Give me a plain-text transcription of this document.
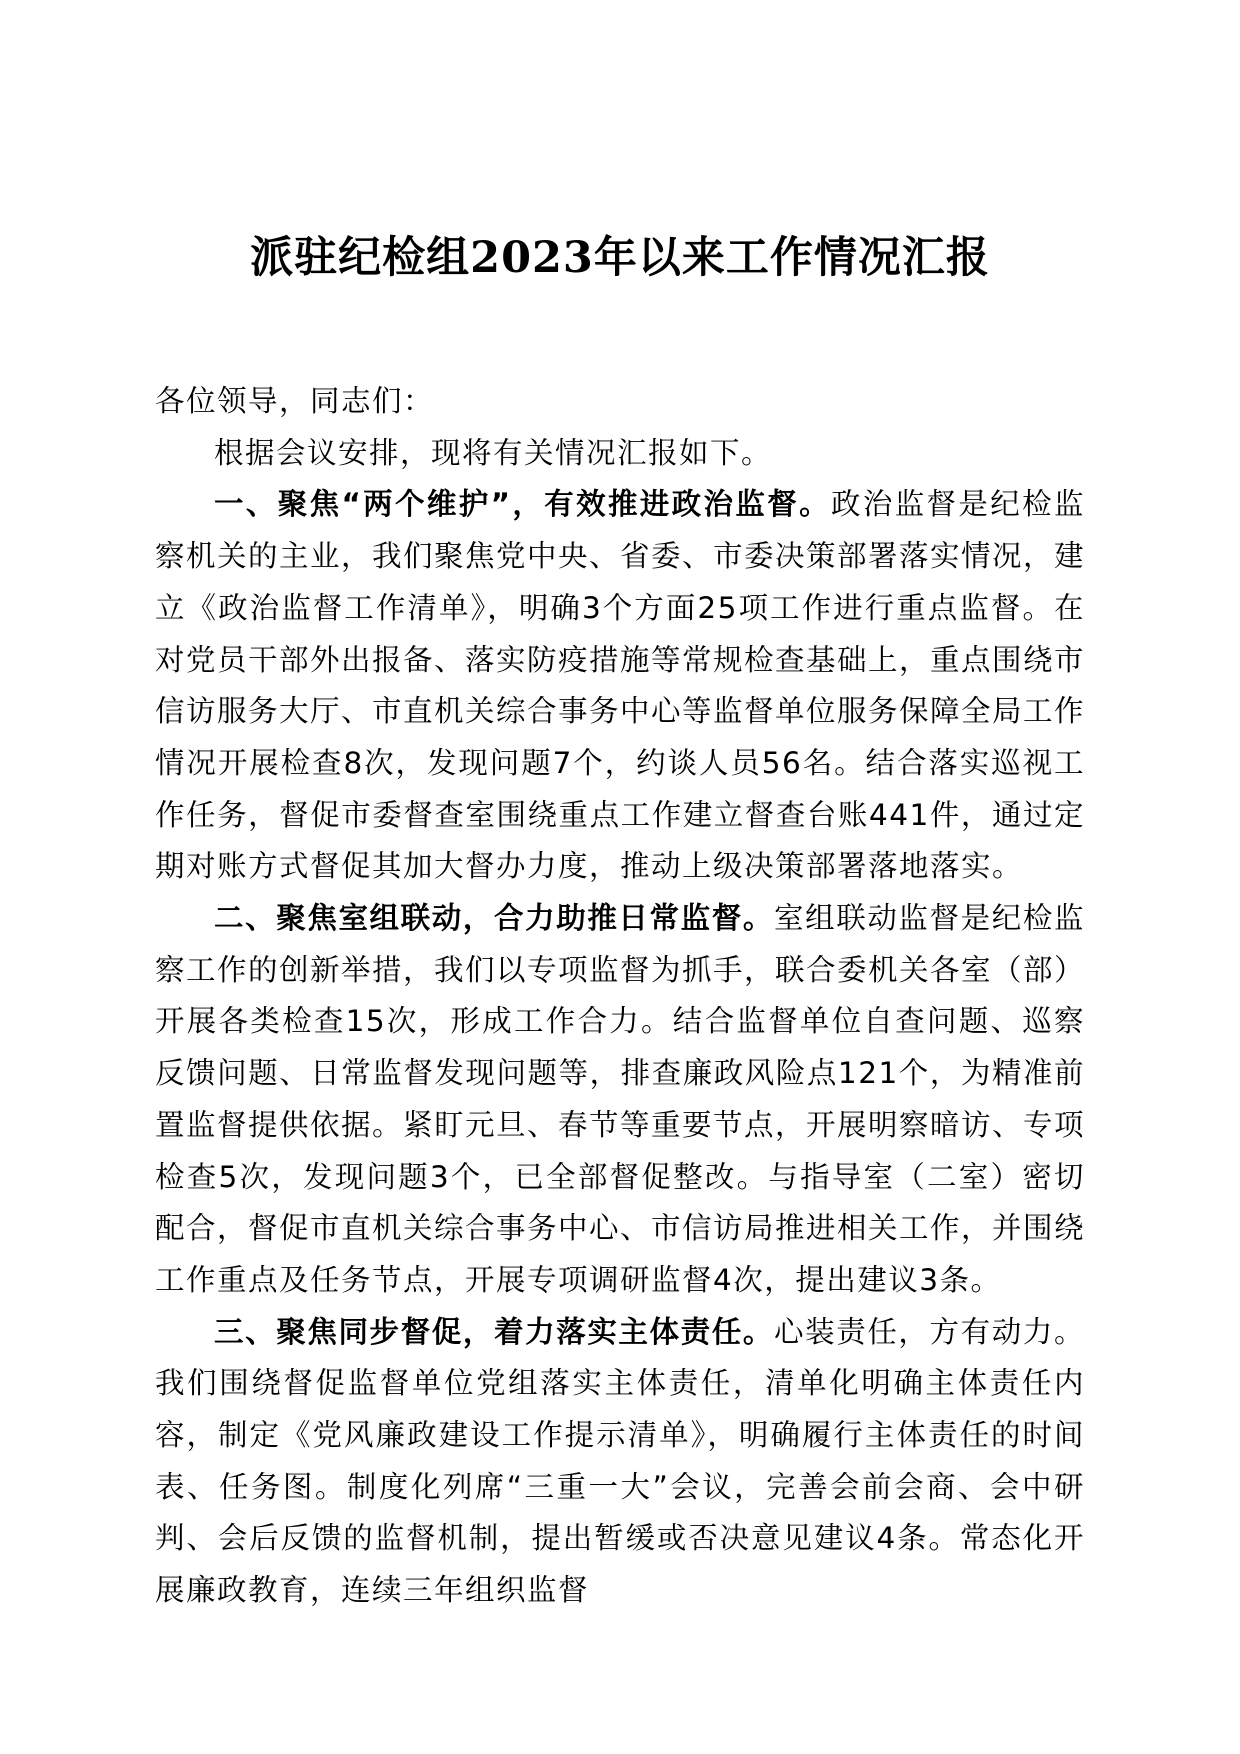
派驻纪检组2023年以来工作情况汇报

各位领导，同志们：

根据会议安排，现将有关情况汇报如下。

一、聚焦“两个维护”，有效推进政治监督。政治监督是纪检监察机关的主业，我们聚焦党中央、省委、市委决策部署落实情况，建立《政治监督工作清单》，明确3个方面25项工作进行重点监督。在对党员干部外出报备、落实防疫措施等常规检查基础上，重点围绕市信访服务大厅、市直机关综合事务中心等监督单位服务保障全局工作情况开展检查8次，发现问题7个，约谈人员56名。结合落实巡视工作任务，督促市委督查室围绕重点工作建立督查台账441件，通过定期对账方式督促其加大督办力度，推动上级决策部署落地落实。

二、聚焦室组联动，合力助推日常监督。室组联动监督是纪检监察工作的创新举措，我们以专项监督为抓手，联合委机关各室（部）开展各类检查15次，形成工作合力。结合监督单位自查问题、巡察反馈问题、日常监督发现问题等，排查廉政风险点121个，为精准前置监督提供依据。紧盯元旦、春节等重要节点，开展明察暗访、专项检查5次，发现问题3个，已全部督促整改。与指导室（二室）密切配合，督促市直机关综合事务中心、市信访局推进相关工作，并围绕工作重点及任务节点，开展专项调研监督4次，提出建议3条。

三、聚焦同步督促，着力落实主体责任。心装责任，方有动力。我们围绕督促监督单位党组落实主体责任，清单化明确主体责任内容，制定《党风廉政建设工作提示清单》，明确履行主体责任的时间表、任务图。制度化列席“三重一大”会议，完善会前会商、会中研判、会后反馈的监督机制，提出暂缓或否决意见建议4条。常态化开展廉政教育，连续三年组织监督
